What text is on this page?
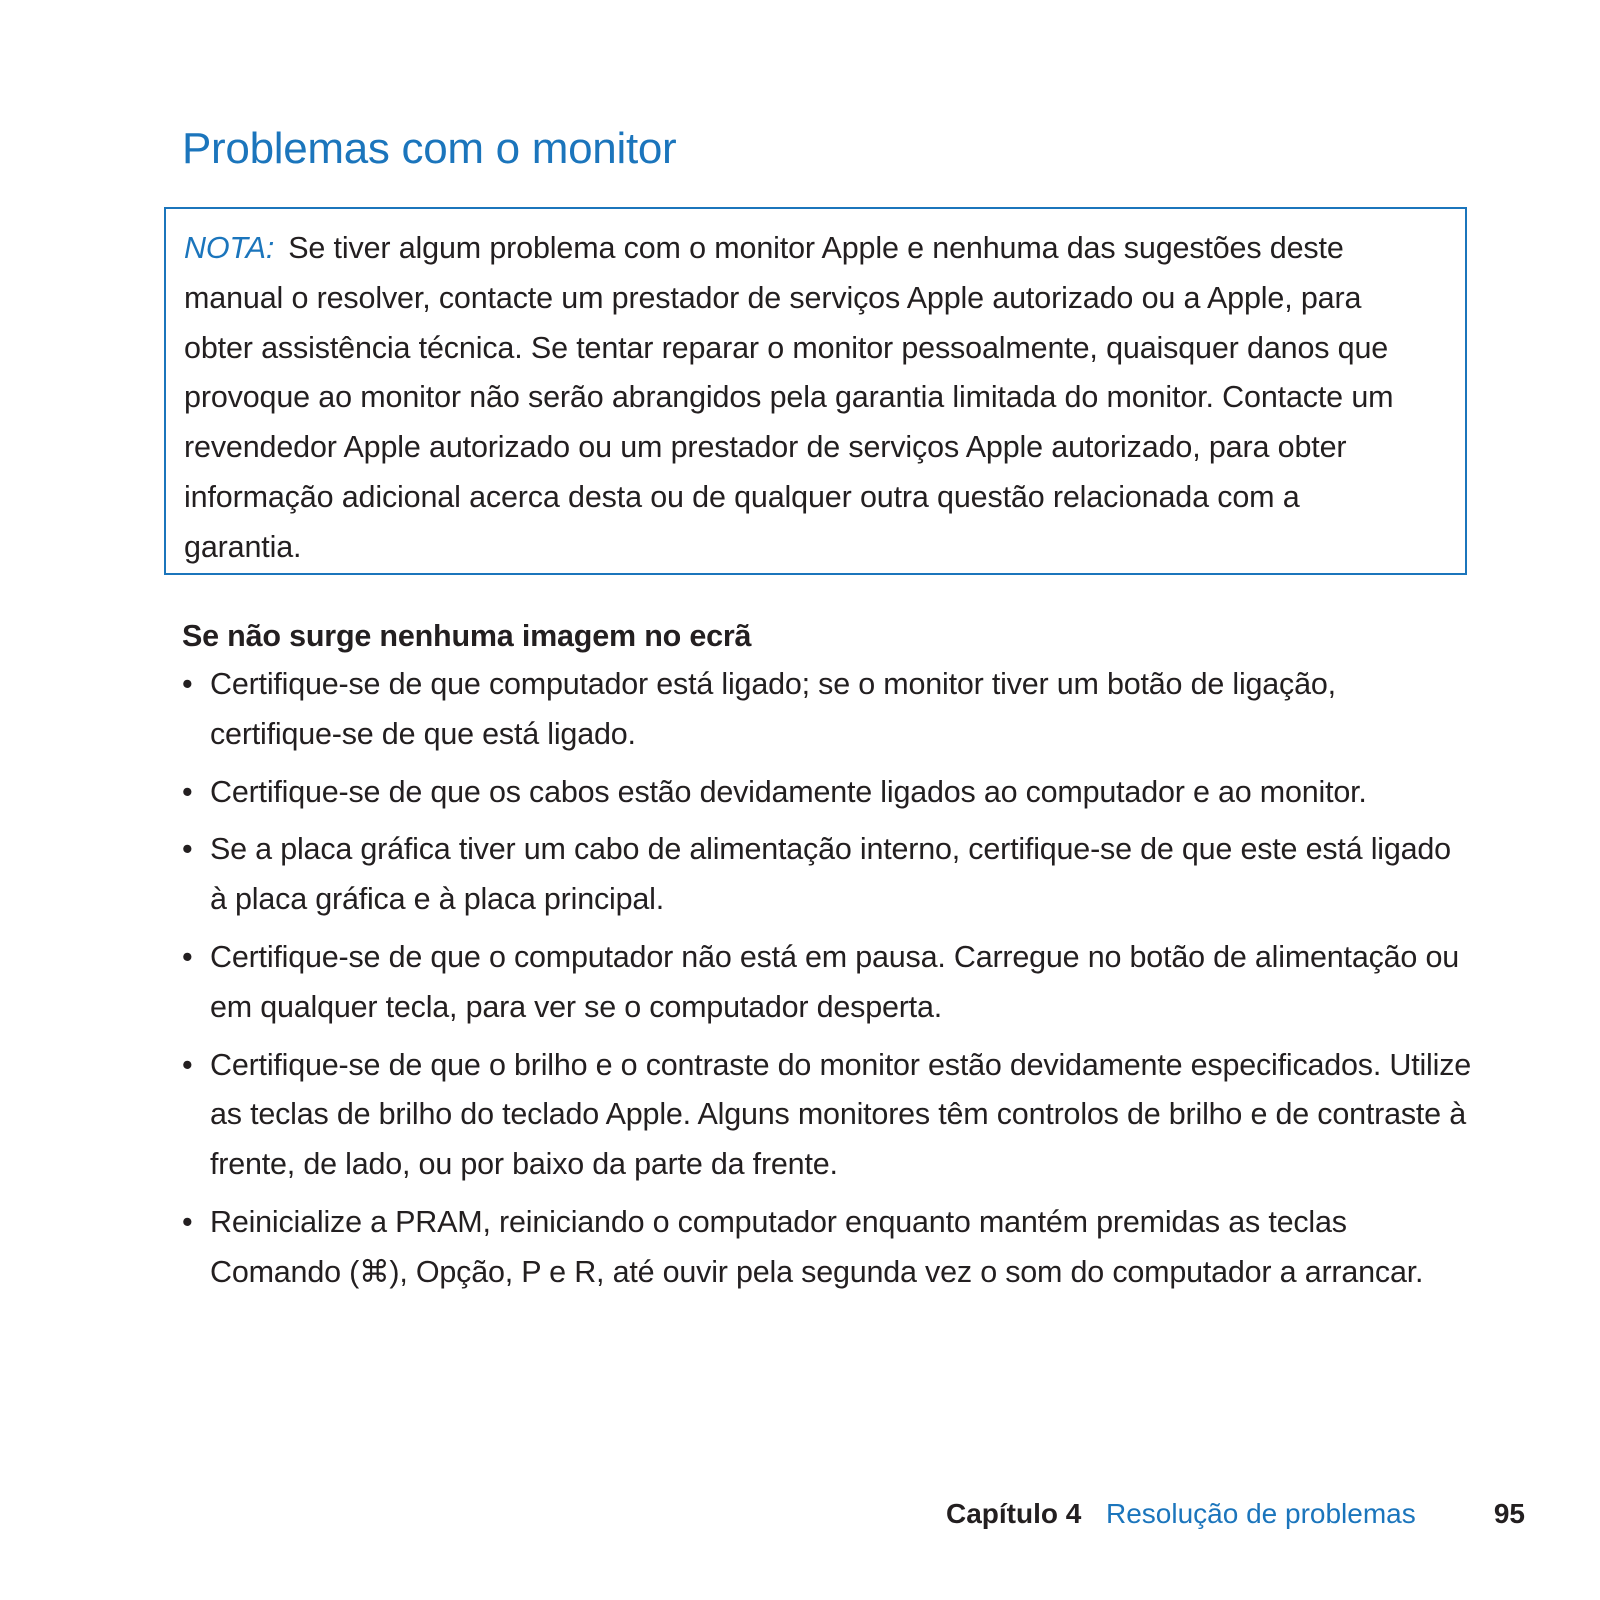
Problemas com o monitor
NOTA: Se tiver algum problema com o monitor Apple e nenhuma das sugestões deste manual o resolver, contacte um prestador de serviços Apple autorizado ou a Apple, para obter assistência técnica. Se tentar reparar o monitor pessoalmente, quaisquer danos que provoque ao monitor não serão abrangidos pela garantia limitada do monitor. Contacte um revendedor Apple autorizado ou um prestador de serviços Apple autorizado, para obter informação adicional acerca desta ou de qualquer outra questão relacionada com a garantia.
Se não surge nenhuma imagem no ecrã
• Certifique-se de que computador está ligado; se o monitor tiver um botão de ligação, certifique-se de que está ligado.
• Certifique-se de que os cabos estão devidamente ligados ao computador e ao monitor.
• Se a placa gráfica tiver um cabo de alimentação interno, certifique-se de que este está ligado à placa gráfica e à placa principal.
• Certifique-se de que o computador não está em pausa. Carregue no botão de alimentação ou em qualquer tecla, para ver se o computador desperta.
• Certifique-se de que o brilho e o contraste do monitor estão devidamente especificados. Utilize as teclas de brilho do teclado Apple. Alguns monitores têm controlos de brilho e de contraste à frente, de lado, ou por baixo da parte da frente.
• Reinicialize a PRAM, reiniciando o computador enquanto mantém premidas as teclas Comando (⌘), Opção, P e R, até ouvir pela segunda vez o som do computador a arrancar.
Capítulo 4 Resolução de problemas	95
